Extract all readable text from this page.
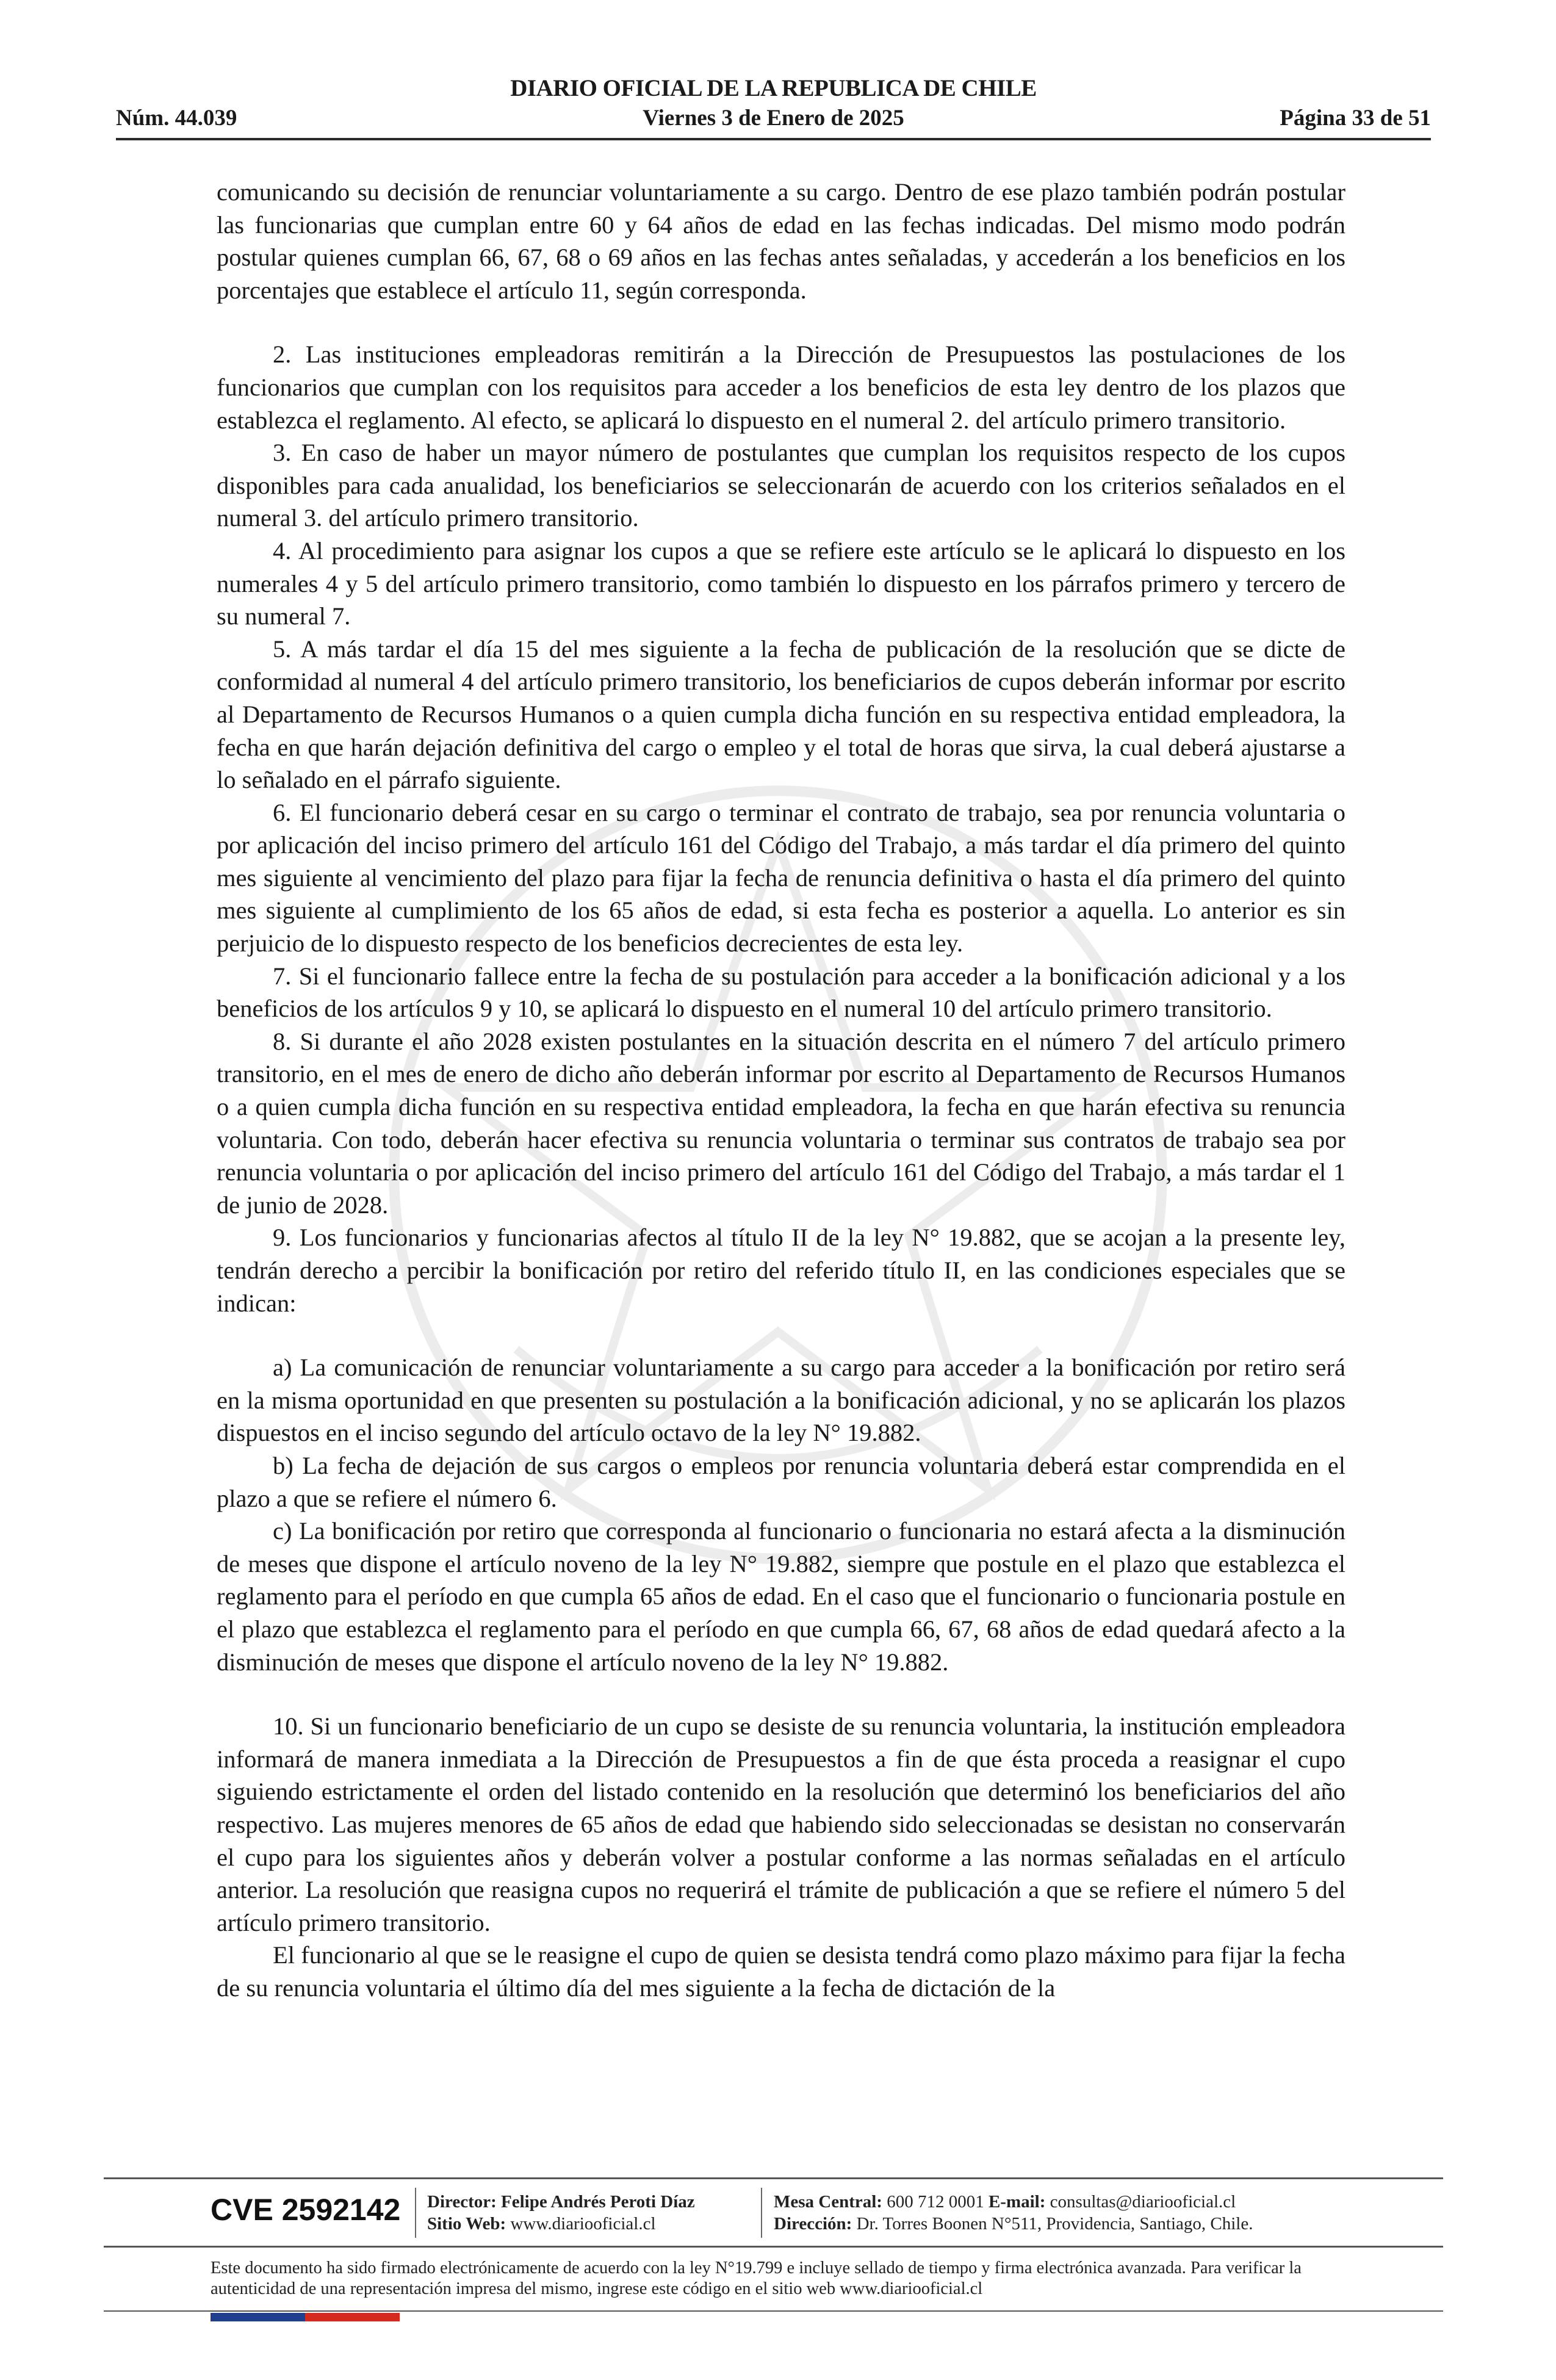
DIARIO OFICIAL DE LA REPUBLICA DE CHILE
Núm. 44.039	Viernes 3 de Enero de 2025	Página 33 de 51

comunicando su decisión de renunciar voluntariamente a su cargo. Dentro de ese plazo también podrán postular las funcionarias que cumplan entre 60 y 64 años de edad en las fechas indicadas. Del mismo modo podrán postular quienes cumplan 66, 67, 68 o 69 años en las fechas antes señaladas, y accederán a los beneficios en los porcentajes que establece el artículo 11, según corresponda.

2. Las instituciones empleadoras remitirán a la Dirección de Presupuestos las postulaciones de los funcionarios que cumplan con los requisitos para acceder a los beneficios de esta ley dentro de los plazos que establezca el reglamento. Al efecto, se aplicará lo dispuesto en el numeral 2. del artículo primero transitorio.

3. En caso de haber un mayor número de postulantes que cumplan los requisitos respecto de los cupos disponibles para cada anualidad, los beneficiarios se seleccionarán de acuerdo con los criterios señalados en el numeral 3. del artículo primero transitorio.

4. Al procedimiento para asignar los cupos a que se refiere este artículo se le aplicará lo dispuesto en los numerales 4 y 5 del artículo primero transitorio, como también lo dispuesto en los párrafos primero y tercero de su numeral 7.

5. A más tardar el día 15 del mes siguiente a la fecha de publicación de la resolución que se dicte de conformidad al numeral 4 del artículo primero transitorio, los beneficiarios de cupos deberán informar por escrito al Departamento de Recursos Humanos o a quien cumpla dicha función en su respectiva entidad empleadora, la fecha en que harán dejación definitiva del cargo o empleo y el total de horas que sirva, la cual deberá ajustarse a lo señalado en el párrafo siguiente.

6. El funcionario deberá cesar en su cargo o terminar el contrato de trabajo, sea por renuncia voluntaria o por aplicación del inciso primero del artículo 161 del Código del Trabajo, a más tardar el día primero del quinto mes siguiente al vencimiento del plazo para fijar la fecha de renuncia definitiva o hasta el día primero del quinto mes siguiente al cumplimiento de los 65 años de edad, si esta fecha es posterior a aquella. Lo anterior es sin perjuicio de lo dispuesto respecto de los beneficios decrecientes de esta ley.

7. Si el funcionario fallece entre la fecha de su postulación para acceder a la bonificación adicional y a los beneficios de los artículos 9 y 10, se aplicará lo dispuesto en el numeral 10 del artículo primero transitorio.

8. Si durante el año 2028 existen postulantes en la situación descrita en el número 7 del artículo primero transitorio, en el mes de enero de dicho año deberán informar por escrito al Departamento de Recursos Humanos o a quien cumpla dicha función en su respectiva entidad empleadora, la fecha en que harán efectiva su renuncia voluntaria. Con todo, deberán hacer efectiva su renuncia voluntaria o terminar sus contratos de trabajo sea por renuncia voluntaria o por aplicación del inciso primero del artículo 161 del Código del Trabajo, a más tardar el 1 de junio de 2028.

9. Los funcionarios y funcionarias afectos al título II de la ley N° 19.882, que se acojan a la presente ley, tendrán derecho a percibir la bonificación por retiro del referido título II, en las condiciones especiales que se indican:

a) La comunicación de renunciar voluntariamente a su cargo para acceder a la bonificación por retiro será en la misma oportunidad en que presenten su postulación a la bonificación adicional, y no se aplicarán los plazos dispuestos en el inciso segundo del artículo octavo de la ley N° 19.882.

b) La fecha de dejación de sus cargos o empleos por renuncia voluntaria deberá estar comprendida en el plazo a que se refiere el número 6.

c) La bonificación por retiro que corresponda al funcionario o funcionaria no estará afecta a la disminución de meses que dispone el artículo noveno de la ley N° 19.882, siempre que postule en el plazo que establezca el reglamento para el período en que cumpla 65 años de edad. En el caso que el funcionario o funcionaria postule en el plazo que establezca el reglamento para el período en que cumpla 66, 67, 68 años de edad quedará afecto a la disminución de meses que dispone el artículo noveno de la ley N° 19.882.

10. Si un funcionario beneficiario de un cupo se desiste de su renuncia voluntaria, la institución empleadora informará de manera inmediata a la Dirección de Presupuestos a fin de que ésta proceda a reasignar el cupo siguiendo estrictamente el orden del listado contenido en la resolución que determinó los beneficiarios del año respectivo. Las mujeres menores de 65 años de edad que habiendo sido seleccionadas se desistan no conservarán el cupo para los siguientes años y deberán volver a postular conforme a las normas señaladas en el artículo anterior. La resolución que reasigna cupos no requerirá el trámite de publicación a que se refiere el número 5 del artículo primero transitorio.

El funcionario al que se le reasigne el cupo de quien se desista tendrá como plazo máximo para fijar la fecha de su renuncia voluntaria el último día del mes siguiente a la fecha de dictación de la

CVE 2592142 Director: Felipe Andrés Peroti Díaz
Sitio Web: www.diariooficial.cl
Mesa Central: 600 712 0001 E-mail: consultas@diariooficial.cl
Dirección: Dr. Torres Boonen N°511, Providencia, Santiago, Chile.
Este documento ha sido firmado electrónicamente de acuerdo con la ley N°19.799 e incluye sellado de tiempo y firma electrónica avanzada. Para verificar la autenticidad de una representación impresa del mismo, ingrese este código en el sitio web www.diariooficial.cl
